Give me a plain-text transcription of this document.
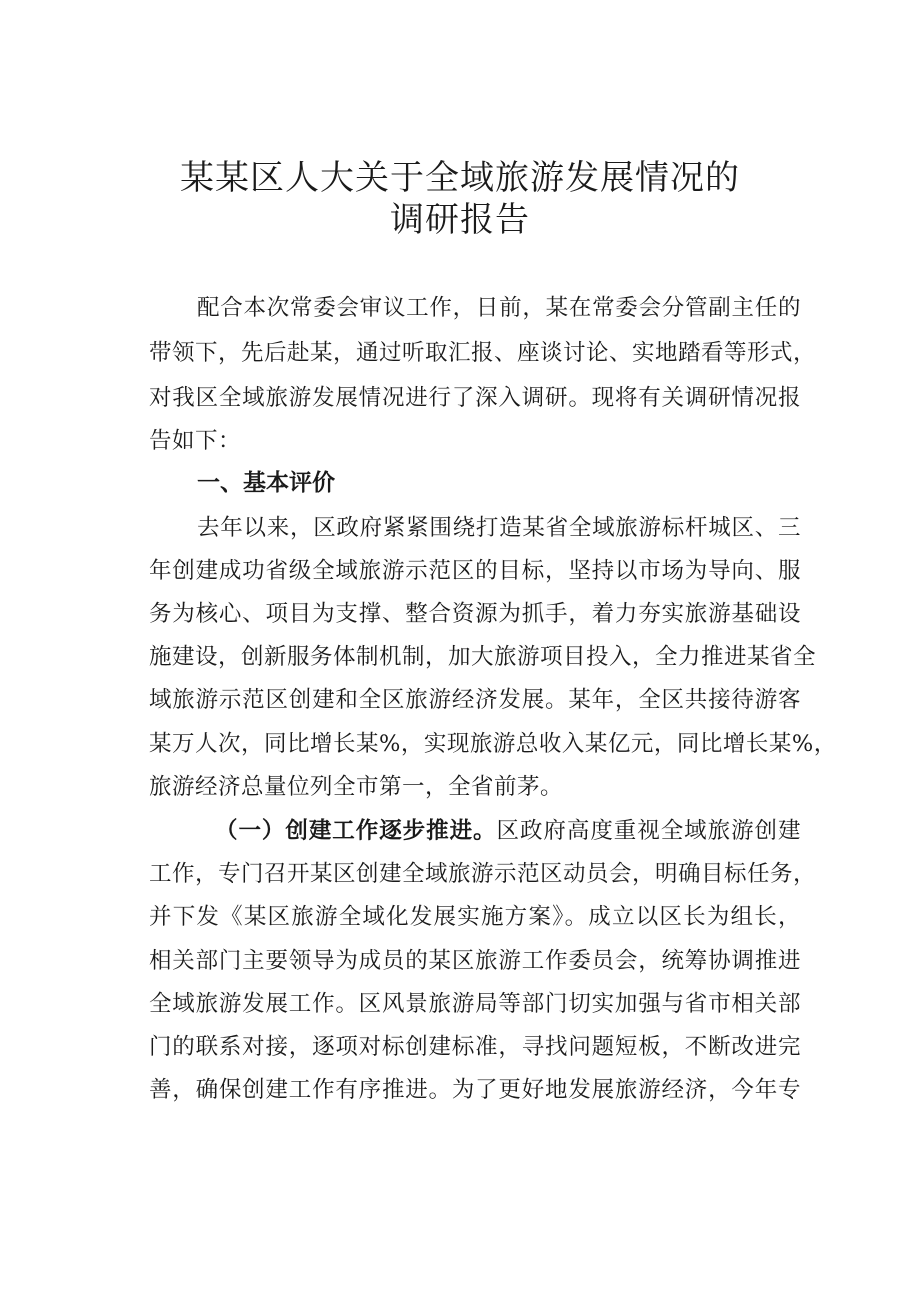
某某区人大关于全域旅游发展情况的
调研报告
配合本次常委会审议工作，日前，某在常委会分管副主任的
带领下，先后赴某，通过听取汇报、座谈讨论、实地踏看等形式，
对我区全域旅游发展情况进行了深入调研。现将有关调研情况报
告如下：
一、基本评价
去年以来，区政府紧紧围绕打造某省全域旅游标杆城区、三
年创建成功省级全域旅游示范区的目标，坚持以市场为导向、服
务为核心、项目为支撑、整合资源为抓手，着力夯实旅游基础设
施建设，创新服务体制机制，加大旅游项目投入，全力推进某省全
域旅游示范区创建和全区旅游经济发展。某年，全区共接待游客
某万人次，同比增长某%，实现旅游总收入某亿元，同比增长某%，
旅游经济总量位列全市第一，全省前茅。
（一）创建工作逐步推进。区政府高度重视全域旅游创建
工作，专门召开某区创建全域旅游示范区动员会，明确目标任务，
并下发《某区旅游全域化发展实施方案》。成立以区长为组长，
相关部门主要领导为成员的某区旅游工作委员会，统筹协调推进
全域旅游发展工作。区风景旅游局等部门切实加强与省市相关部
门的联系对接，逐项对标创建标准，寻找问题短板，不断改进完
善，确保创建工作有序推进。为了更好地发展旅游经济，今年专
